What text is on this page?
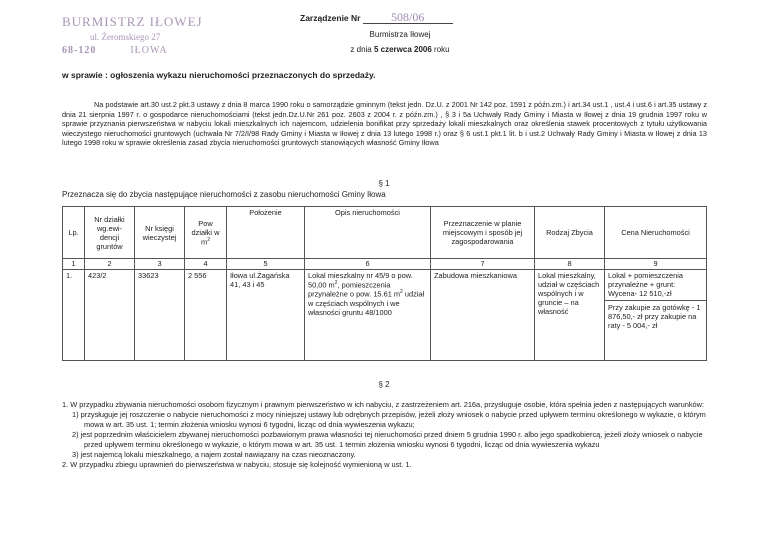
BURMISTRZ IŁOWEJ
ul. Żeromskiego 27
68-120	IŁOWA
Zarządzenie Nr	508/06
Burmistrza Iłowej
z dnia 5 czerwca 2006 roku
w sprawie : ogłoszenia wykazu nieruchomości przeznaczonych do sprzedaży.
Na podstawie art.30 ust.2 pkt.3 ustawy z dnia 8 marca 1990 roku o samorządzie gminnym (tekst jedn. Dz.U. z 2001 Nr 142 poz. 1591 z późn.zm.) i art.34 ust.1 , ust.4 i ust.6 i art.35 ustawy z dnia 21 sierpnia 1997 r. o gospodarce nieruchomościami (tekst jedn.Dz.U.Nr 261 poz. 2603 z 2004 r. z późn.zm.) , § 3 i 5a Uchwały Rady Gminy i Miasta w Iłowej z dnia 19 grudnia 1997 roku w sprawie przyznania pierwszeństwa w nabyciu lokali mieszkalnych ich najemcom, udzielenia bonifikat przy sprzedaży lokali mieszkalnych oraz określenia stawek procentowych z tytułu użytkowania wieczystego nieruchomości gruntowych (uchwała Nr 7/2/I/98 Rady Gminy i Miasta w Iłowej z dnia 13 lutego 1998 r.) oraz § 6 ust.1 pkt.1 lit. b i ust.2 Uchwały Rady Gminy i Miasta w Iłowej z dnia 13 lutego 1998 roku w sprawie określenia zasad zbycia nieruchomości gruntowych stanowiących własność Gminy Iłowa
§ 1
Przeznacza się do zbycia następujące nieruchomości z zasobu nieruchomości Gminy Iłowa
Lp.	Nr działki wg.ewi-dencji gruntów	Nr księgi wieczystej	Pow działki w $m^2$	Położenie	Opis nieruchomości	Przeznaczenie w planie miejscowym i sposób jej zagospodarowania	Rodzaj Zbycia	Cena Nieruchomości
1	2	3	4	5	6	7	8	9
1.	423/2	33623	2 556	Iłowa ul.Żagańska 41, 43 i 45	Lokal mieszkalny nr 45/9 o pow. 50,00 $m^2$, pomieszczenia przynależne o pow. 15.61 $m^2$ udział w częściach wspólnych i we własności gruntu 48/1000	Zabudowa mieszkaniowa	Lokal mieszkalny, udział w częściach wspólnych i w gruncie – na własność	Lokal + pomieszczenia przynależne + grunt: Wycena- 12 510,-zł
Przy zakupie za gotówkę - 1 876,50,- zł przy zakupie na raty - 5 004,- zł
§ 2
1. W przypadku zbywania nieruchomości osobom fizycznym i prawnym pierwszeństwo w ich nabyciu, z zastrzeżeniem art. 216a, przysługuje osobie, która spełnia jeden z następujących warunków:
1) przysługuje jej roszczenie o nabycie nieruchomości z mocy niniejszej ustawy lub odrębnych przepisów, jeżeli złoży wniosek o nabycie przed upływem terminu określonego w wykazie, o którym mowa w art. 35 ust. 1; termin złożenia wniosku wynosi 6 tygodni, licząc od dnia wywieszenia wykazu;
2) jest poprzednim właścicielem zbywanej nieruchomości pozbawionym prawa własności tej nieruchomości przed dniem 5 grudnia 1990 r. albo jego spadkobiercą, jeżeli złoży wniosek o nabycie przed upływem terminu określonego w wykazie, o którym mowa w art. 35 ust. 1 termin złożenia wniosku wynosi 6 tygodni, licząc od dnia wywieszenia wykazu
3) jest najemcą lokalu mieszkalnego, a najem został nawiązany na czas nieoznaczony.
2. W przypadku zbiegu uprawnień do pierwszeństwa w nabyciu, stosuje się kolejność wymienioną w ust. 1.
